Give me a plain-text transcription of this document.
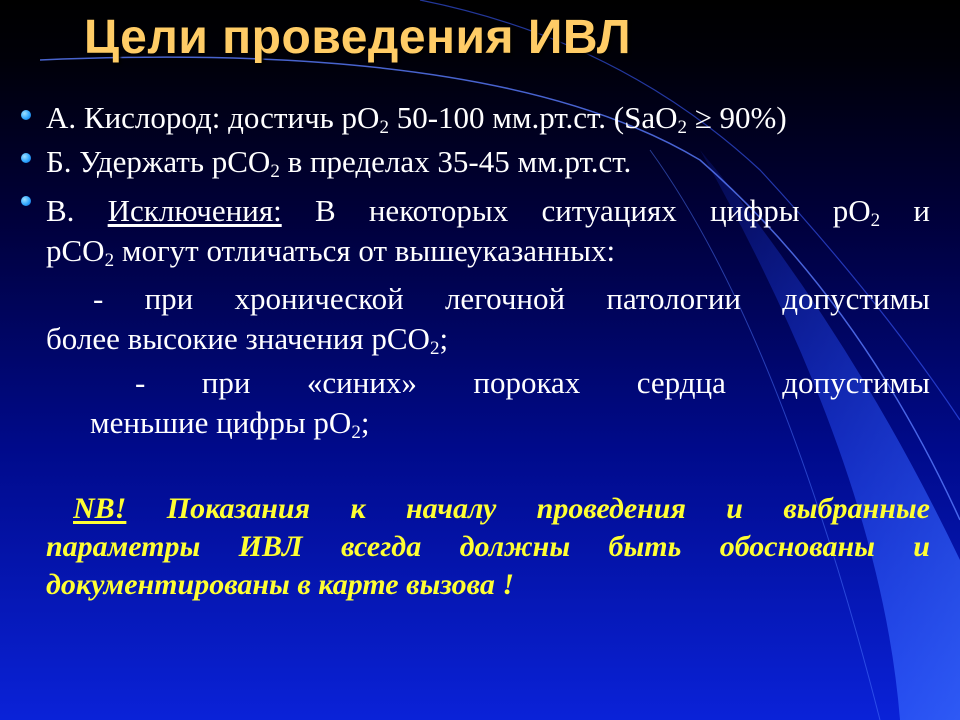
Цели проведения ИВЛ
А. Кислород: достичь $рО_2$ 50-100 мм.рт.ст. (SaO$_2$ ≥ 90%)
Б. Удержать рСО$_2$ в пределах 35-45 мм.рт.ст.
В. Исключения: В некоторых ситуациях цифры $рО_2$ и
рСО$_2$ могут отличаться от вышеуказанных:
- при хронической легочной патологии допустимы
более высокие значения рСО$_2$;
- при «синих» пороках сердца допустимы
меньшие цифры $рО_2$;
NB! Показания к началу проведения и выбранные
параметры ИВЛ всегда должны быть обоснованы и
документированы в карте вызова !
